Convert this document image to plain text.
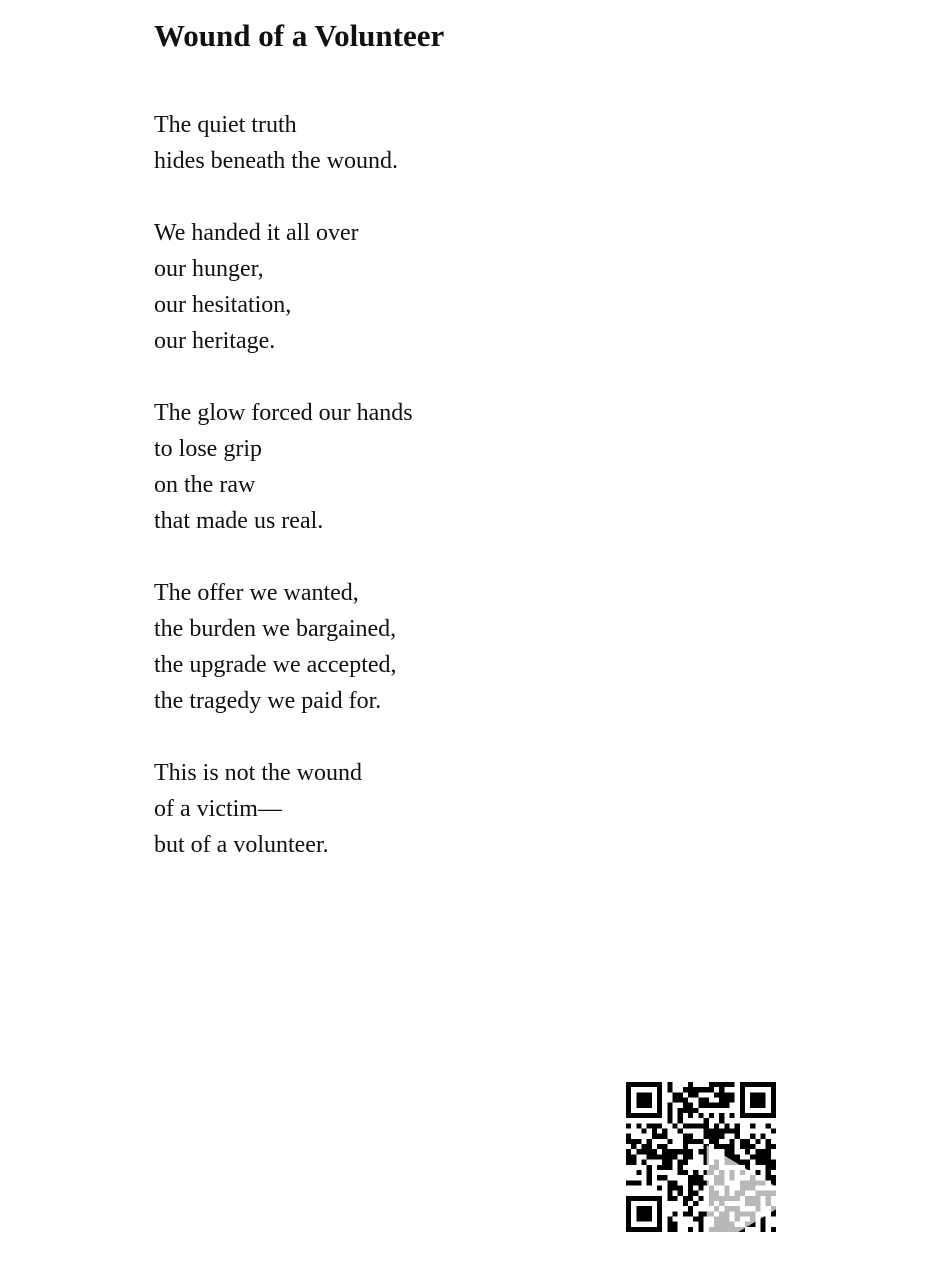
Wound of a Volunteer
The quiet truth
hides beneath the wound.
We handed it all over
our hunger,
our hesitation,
our heritage.
The glow forced our hands
to lose grip
on the raw
that made us real.
The offer we wanted,
the burden we bargained,
the upgrade we accepted,
the tragedy we paid for.
This is not the wound
of a victim—
but of a volunteer.
